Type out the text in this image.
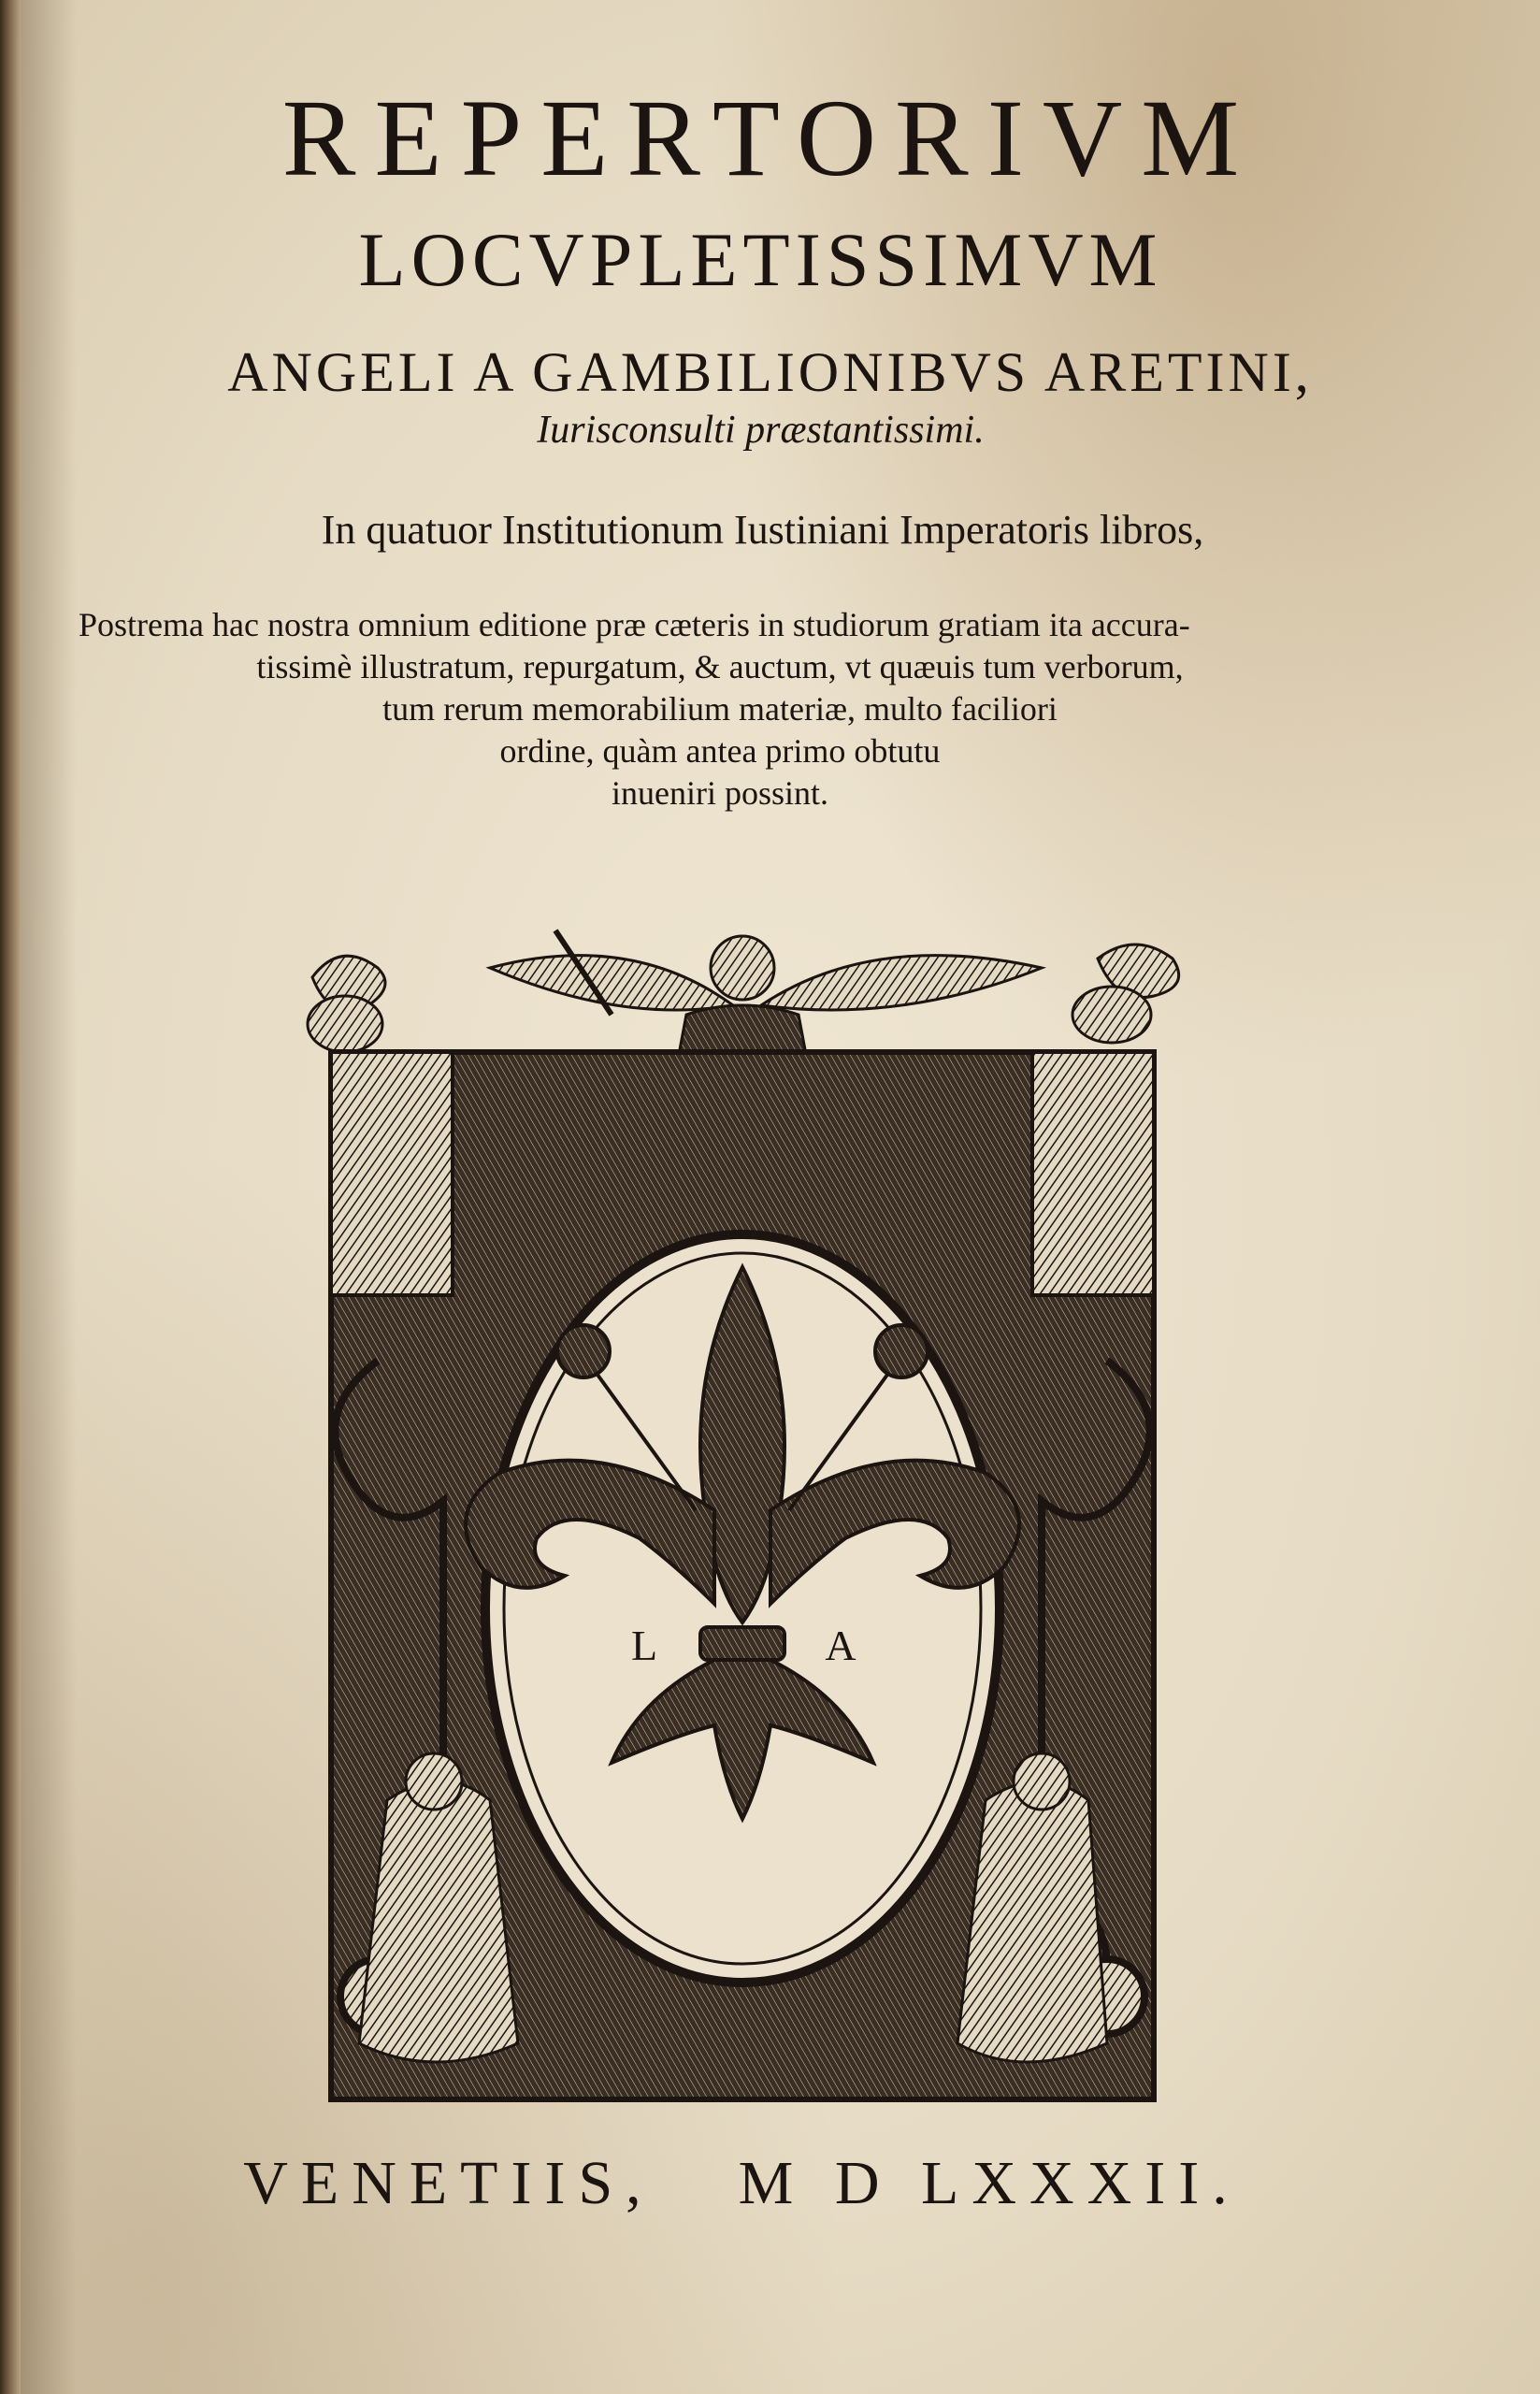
REPERTORIVM
LOCVPLETISSIMVM
ANGELI A GAMBILIONIBVS ARETINI,
Iurisconsulti præstantissimi.
In quatuor Institutionum Iustiniani Imperatoris libros,
Postrema hac nostra omnium editione præ cæteris in studiorum gratiam ita accura-
tissimè illustratum, repurgatum, & auctum, vt quæuis tum verborum,
tum rerum memorabilium materiæ, multo faciliori
ordine, quàm antea primo obtutu
inueniri possint.
L	A
VENETIIS, M D LXXXII.
